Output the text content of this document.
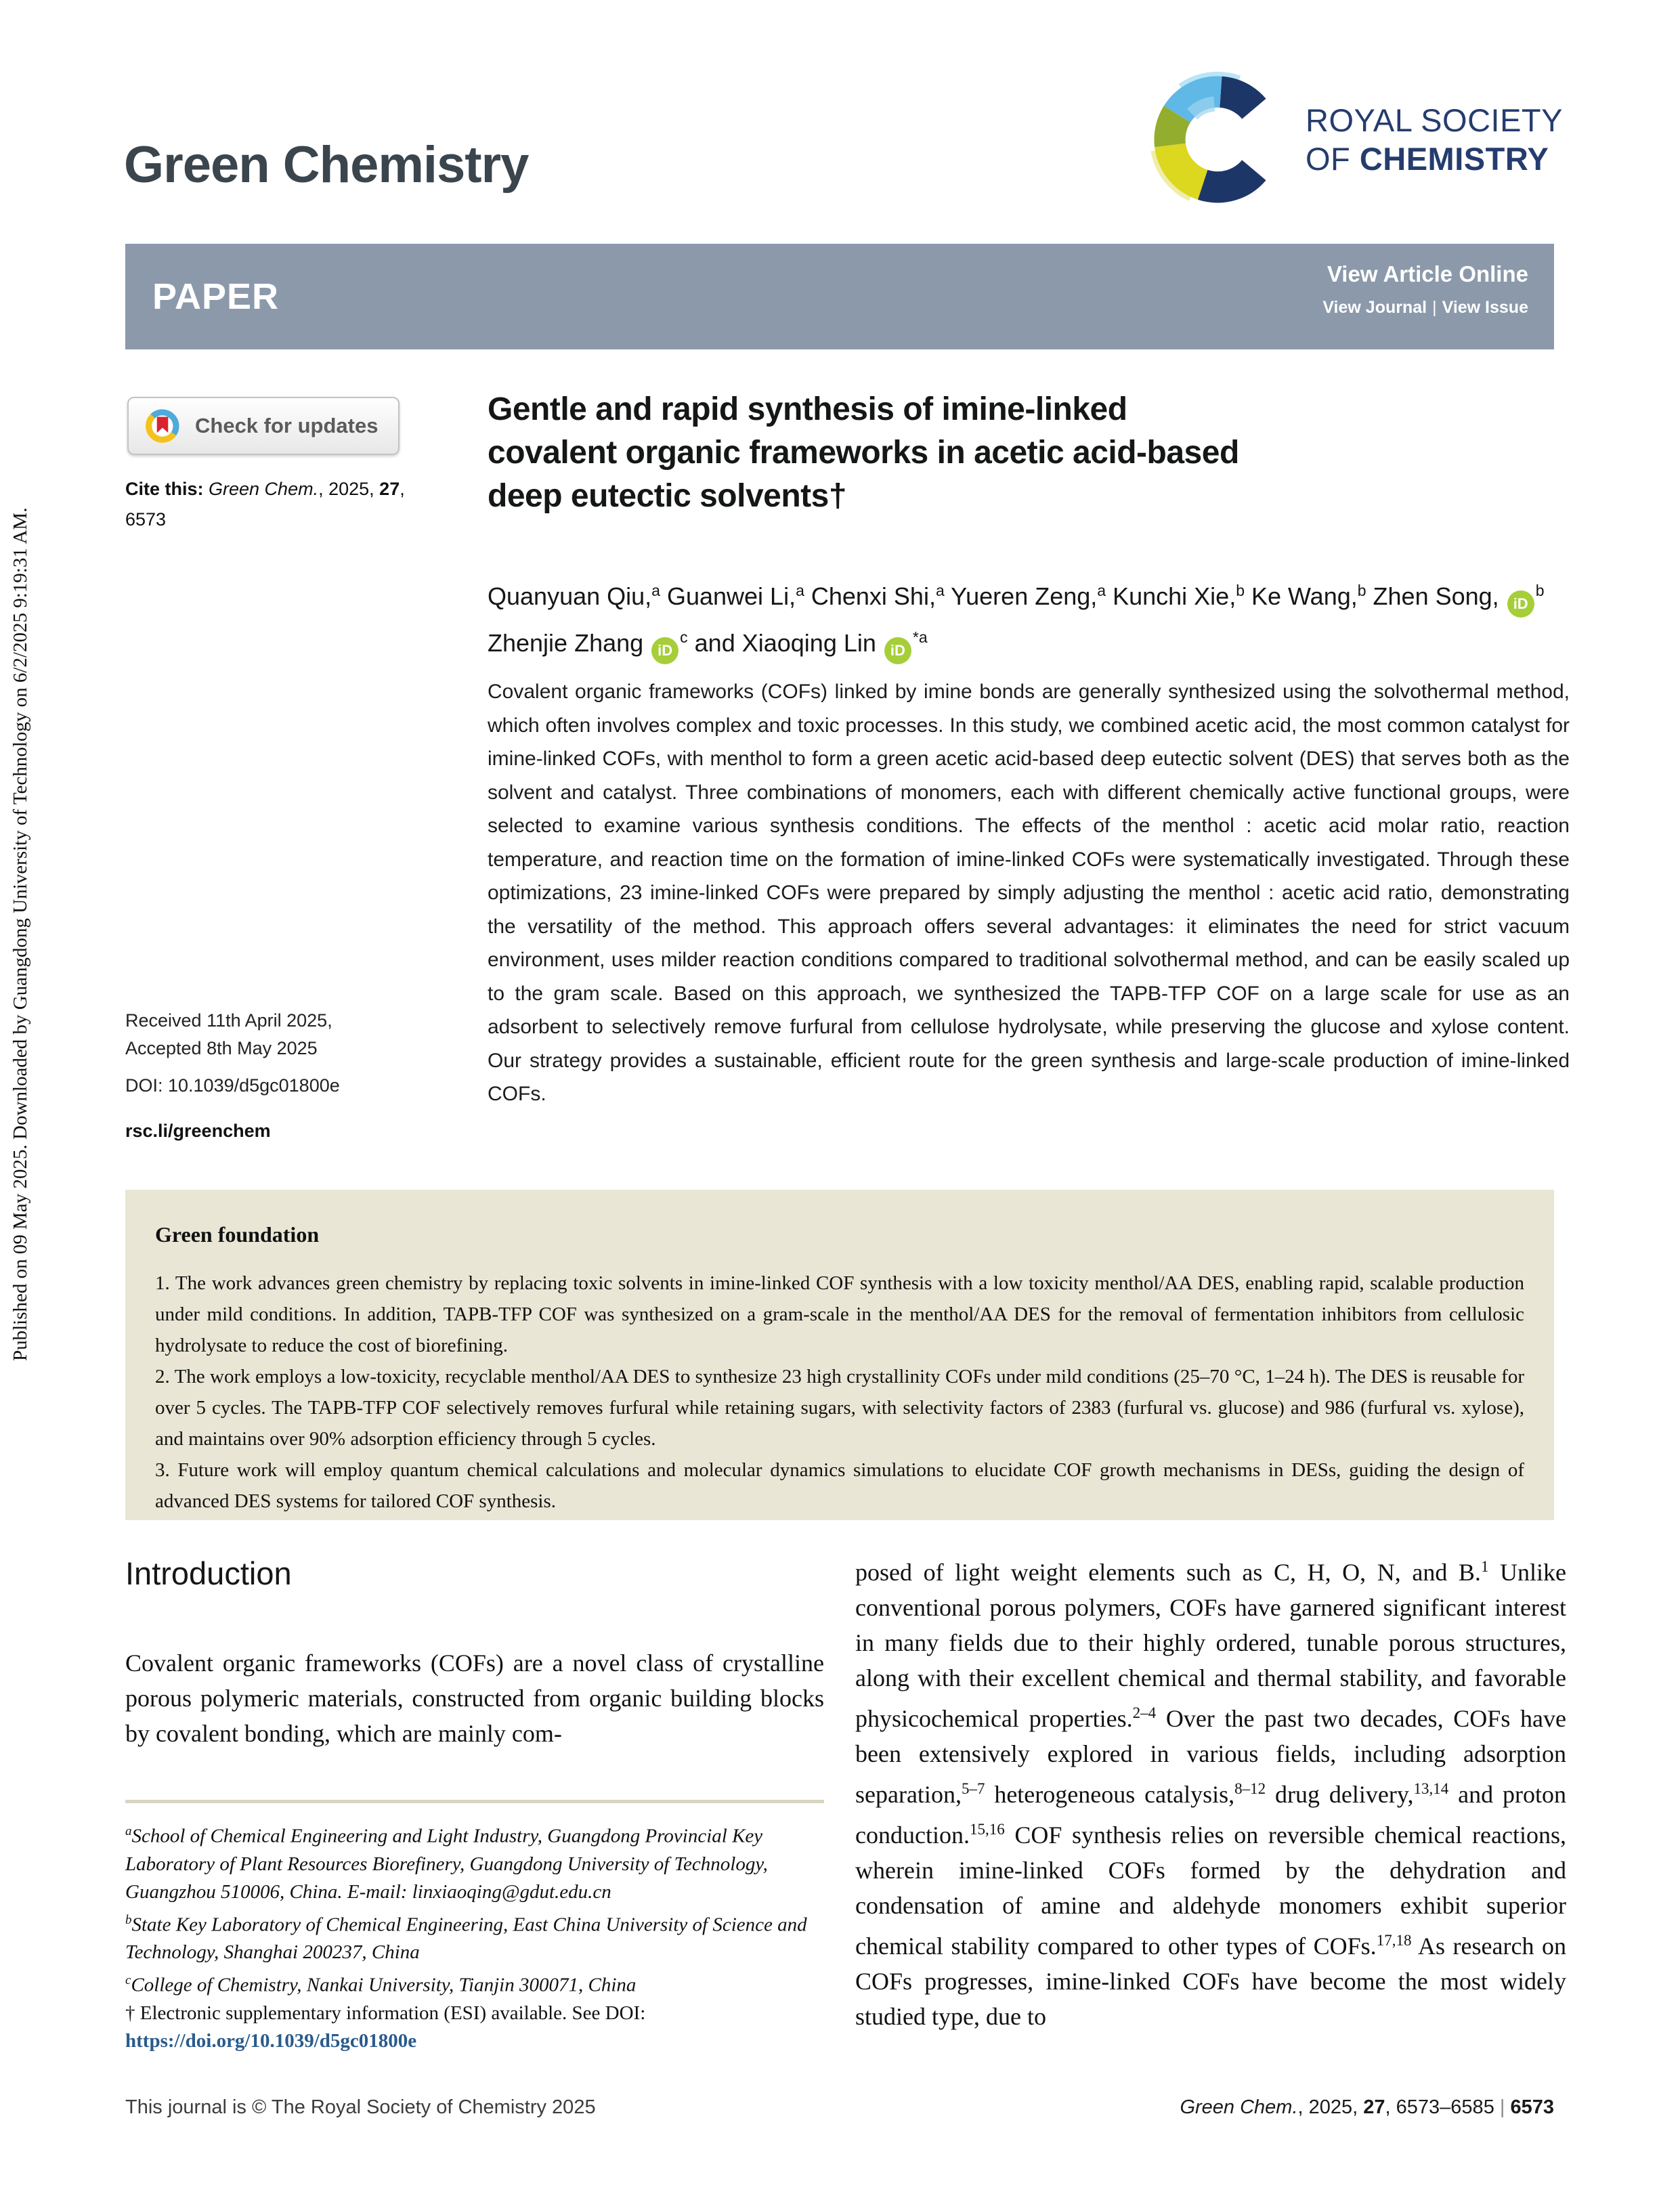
Published on 09 May 2025. Downloaded by Guangdong University of Technology on 6/2/2025 9:19:31 AM.
Green Chemistry
ROYAL SOCIETY
OF CHEMISTRY
PAPER
View Article Online
View Journal | View Issue
Check for updates
Cite this: Green Chem., 2025, 27, 6573
Received 11th April 2025,
Accepted 8th May 2025
DOI: 10.1039/d5gc01800e
rsc.li/greenchem
Gentle and rapid synthesis of imine-linked
covalent organic frameworks in acetic acid-based
deep eutectic solvents†
Quanyuan Qiu,$^a$ Guanwei Li,$^a$ Chenxi Shi,$^a$ Yueren Zeng,$^a$ Kunchi Xie,$^b$ Ke Wang,$^b$ Zhen Song, $iD^b$ Zhenjie Zhang $iD^c$ and Xiaoqing Lin $iD^{*a}$
Covalent organic frameworks (COFs) linked by imine bonds are generally synthesized using the solvothermal method, which often involves complex and toxic processes. In this study, we combined acetic acid, the most common catalyst for imine-linked COFs, with menthol to form a green acetic acid-based deep eutectic solvent (DES) that serves both as the solvent and catalyst. Three combinations of monomers, each with different chemically active functional groups, were selected to examine various synthesis conditions. The effects of the menthol : acetic acid molar ratio, reaction temperature, and reaction time on the formation of imine-linked COFs were systematically investigated. Through these optimizations, 23 imine-linked COFs were prepared by simply adjusting the menthol : acetic acid ratio, demonstrating the versatility of the method. This approach offers several advantages: it eliminates the need for strict vacuum environment, uses milder reaction conditions compared to traditional solvothermal method, and can be easily scaled up to the gram scale. Based on this approach, we synthesized the TAPB-TFP COF on a large scale for use as an adsorbent to selectively remove furfural from cellulose hydrolysate, while preserving the glucose and xylose content. Our strategy provides a sustainable, efficient route for the green synthesis and large-scale production of imine-linked COFs.
Green foundation

1. The work advances green chemistry by replacing toxic solvents in imine-linked COF synthesis with a low toxicity menthol/AA DES, enabling rapid, scalable production under mild conditions. In addition, TAPB-TFP COF was synthesized on a gram-scale in the menthol/AA DES for the removal of fermentation inhibitors from cellulosic hydrolysate to reduce the cost of biorefining.

2. The work employs a low-toxicity, recyclable menthol/AA DES to synthesize 23 high crystallinity COFs under mild conditions (25–70 °C, 1–24 h). The DES is reusable for over 5 cycles. The TAPB-TFP COF selectively removes furfural while retaining sugars, with selectivity factors of 2383 (furfural vs. glucose) and 986 (furfural vs. xylose), and maintains over 90% adsorption efficiency through 5 cycles.

3. Future work will employ quantum chemical calculations and molecular dynamics simulations to elucidate COF growth mechanisms in DESs, guiding the design of advanced DES systems for tailored COF synthesis.

Introduction
Covalent organic frameworks (COFs) are a novel class of crystalline porous polymeric materials, constructed from organic building blocks by covalent bonding, which are mainly com-
posed of light weight elements such as C, H, O, N, and B.$^1$ Unlike conventional porous polymers, COFs have garnered significant interest in many fields due to their highly ordered, tunable porous structures, along with their excellent chemical and thermal stability, and favorable physicochemical properties.$^{2-4}$ Over the past two decades, COFs have been extensively explored in various fields, including adsorption separation,$^{5-7}$ heterogeneous catalysis,$^{8-12}$ drug delivery,$^{13,14}$ and proton conduction.$^{15,16}$ COF synthesis relies on reversible chemical reactions, wherein imine-linked COFs formed by the dehydration and condensation of amine and aldehyde monomers exhibit superior chemical stability compared to other types of COFs.$^{17,18}$ As research on COFs progresses, imine-linked COFs have become the most widely studied type, due to

$^a$School of Chemical Engineering and Light Industry, Guangdong Provincial Key Laboratory of Plant Resources Biorefinery, Guangdong University of Technology, Guangzhou 510006, China. E-mail: linxiaoqing@gdut.edu.cn

$^b$State Key Laboratory of Chemical Engineering, East China University of Science and Technology, Shanghai 200237, China

$^c$College of Chemistry, Nankai University, Tianjin 300071, China

† Electronic supplementary information (ESI) available. See DOI: https://doi.org/10.1039/d5gc01800e

This journal is © The Royal Society of Chemistry 2025	Green Chem., 2025, 27, 6573–6585 | 6573
